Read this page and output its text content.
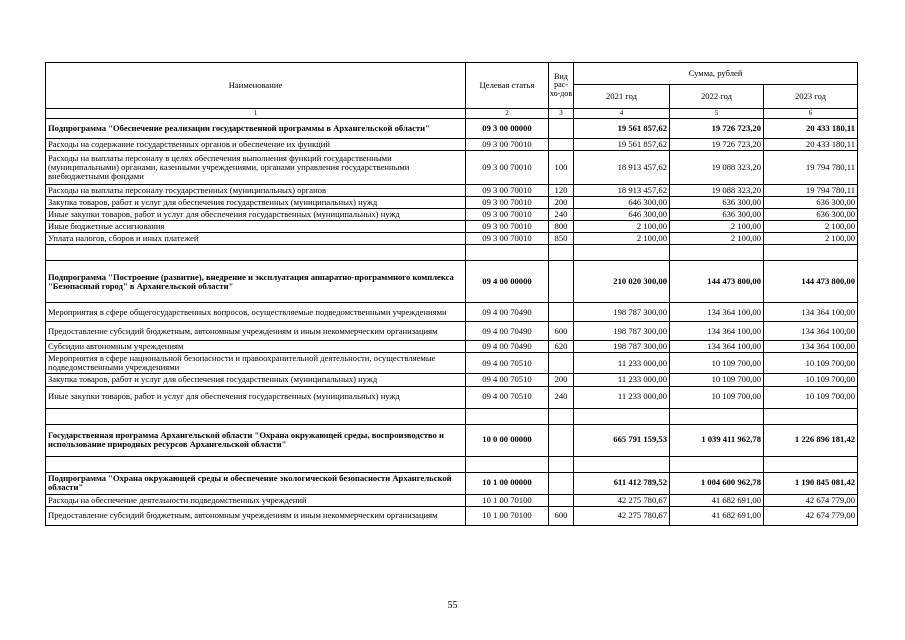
Наименование	Целевая статья	Вид рас-хо-дов	Сумма, рублей		
			2021 год	2022 год	2023 год
1	2	3	4	5	6
Подпрограмма "Обеспечение реализации государственной программы в Архангельской области"	09 3 00 00000		19 561 857,62	19 726 723,20	20 433 180,11
Расходы на содержание государственных органов и обеспечение их функций	09 3 00 70010		19 561 857,62	19 726 723,20	20 433 180,11
Расходы на выплаты персоналу в целях обеспечения выполнения функций государственными (муниципальными) органами, казенными учреждениями, органами управления государственными внебюджетными фондами	09 3 00 70010	100	18 913 457,62	19 088 323,20	19 794 780,11
Расходы на выплаты персоналу государственных (муниципальных) органов	09 3 00 70010	120	18 913 457,62	19 088 323,20	19 794 780,11
Закупка товаров, работ и услуг для обеспечения государственных (муниципальных) нужд	09 3 00 70010	200	646 300,00	636 300,00	636 300,00
Иные закупки товаров, работ и услуг для обеспечения государственных (муниципальных) нужд	09 3 00 70010	240	646 300,00	636 300,00	636 300,00
Иные бюджетные ассигнования	09 3 00 70010	800	2 100,00	2 100,00	2 100,00
Уплата налогов, сборов и иных платежей	09 3 00 70010	850	2 100,00	2 100,00	2 100,00

Подпрограмма "Построение (развитие), внедрение и эксплуатация аппаратно-программного комплекса "Безопасный город" в Архангельской области"	09 4 00 00000		210 020 300,00	144 473 800,00	144 473 800,00
Мероприятия в сфере общегосударственных вопросов, осуществляемые подведомственными учреждениями	09 4 00 70490		198 787 300,00	134 364 100,00	134 364 100,00
Предоставление субсидий бюджетным, автономным учреждениям и иным некоммерческим организациям	09 4 00 70490	600	198 787 300,00	134 364 100,00	134 364 100,00
Субсидии автономным учреждениям	09 4 00 70490	620	198 787 300,00	134 364 100,00	134 364 100,00
Мероприятия в сфере национальной безопасности и правоохранительной деятельности, осуществляемые подведомственными учреждениями	09 4 00 70510		11 233 000,00	10 109 700,00	10 109 700,00
Закупка товаров, работ и услуг для обеспечения государственных (муниципальных) нужд	09 4 00 70510	200	11 233 000,00	10 109 700,00	10 109 700,00
Иные закупки товаров, работ и услуг для обеспечения государственных (муниципальных) нужд	09 4 00 70510	240	11 233 000,00	10 109 700,00	10 109 700,00

Государственная программа Архангельской области "Охрана окружающей среды, воспроизводство и использование природных ресурсов Архангельской области"	10 0 00 00000		665 791 159,53	1 039 411 962,78	1 226 896 181,42

Подпрограмма "Охрана окружающей среды и обеспечение экологической безопасности Архангельской области"	10 1 00 00000		611 412 789,52	1 004 600 962,78	1 190 845 081,42
Расходы на обеспечение деятельности подведомственных учреждений	10 1 00 70100		42 275 780,67	41 682 691,00	42 674 779,00
Предоставление субсидий бюджетным, автономным учреждениям и иным некоммерческим организациям	10 1 00 70100	600	42 275 780,67	41 682 691,00	42 674 779,00
55
